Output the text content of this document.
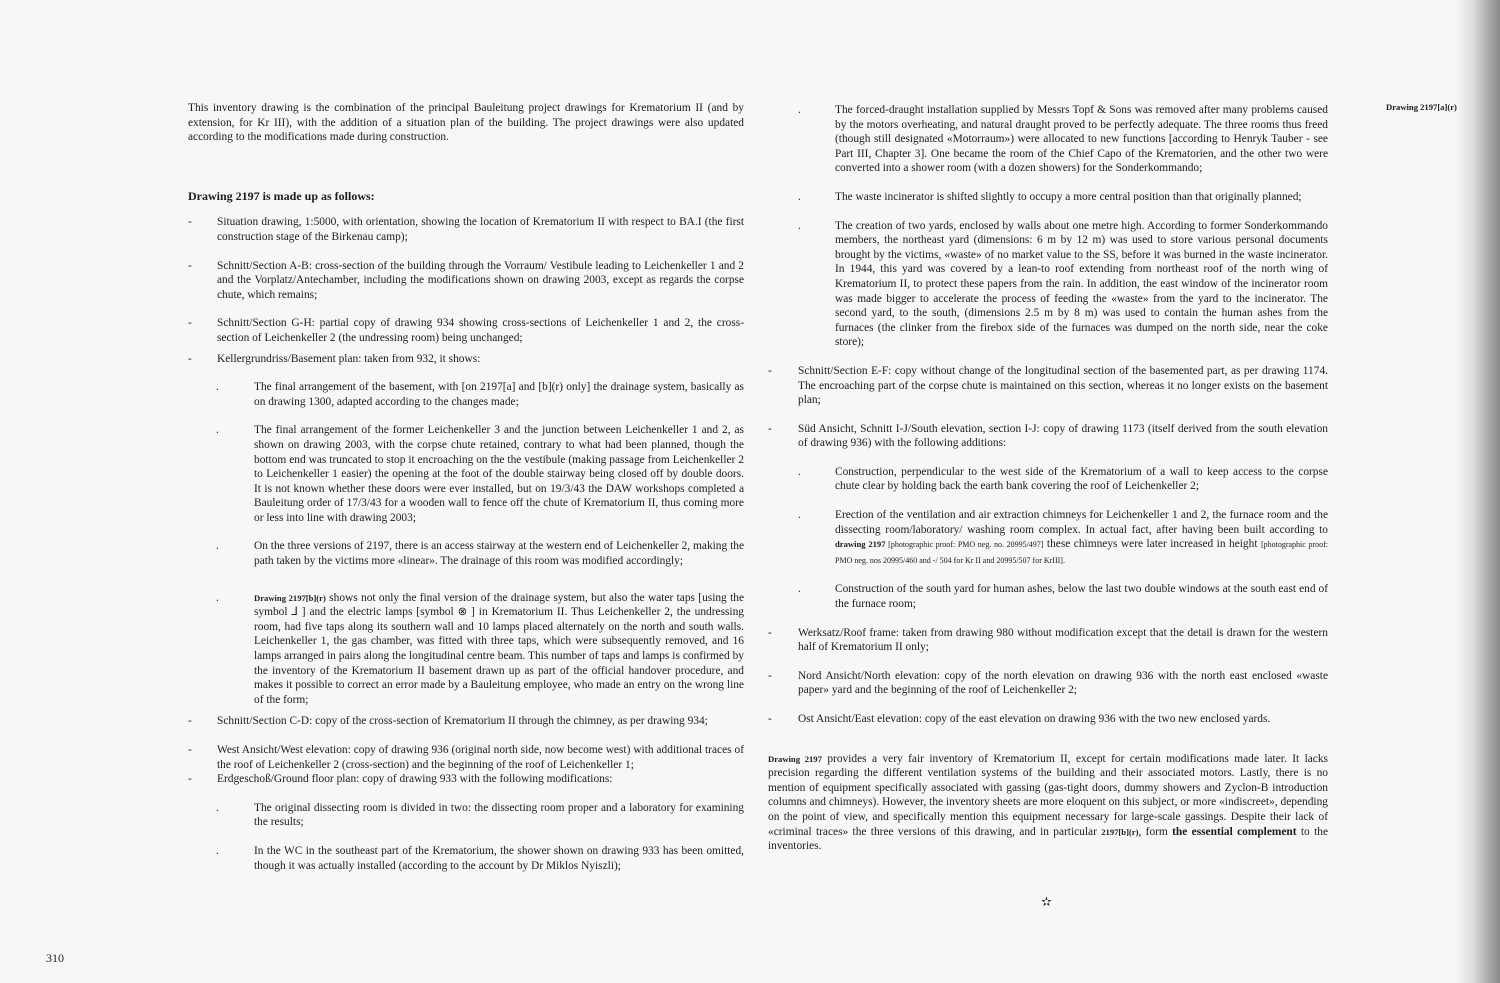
Drawing 2197[a](r)

This inventory drawing is the combination of the principal Bauleitung project drawings for Krematorium II (and by extension, for Kr III), with the addition of a situation plan of the building. The project drawings were also updated according to the modifications made during construction.

Drawing 2197 is made up as follows:

- Situation drawing, 1:5000, with orientation, showing the location of Krematorium II with respect to BA.I (the first construction stage of the Birkenau camp);

- Schnitt/Section A-B: cross-section of the building through the Vorraum/ Vestibule leading to Leichenkeller 1 and 2 and the Vorplatz/Antechamber, including the modifications shown on drawing 2003, except as regards the corpse chute, which remains;

- Schnitt/Section G-H: partial copy of drawing 934 showing cross-sections of Leichenkeller 1 and 2, the cross-section of Leichenkeller 2 (the undressing room) being unchanged;

- Kellergrundriss/Basement plan: taken from 932, it shows:

.	The final arrangement of the basement, with [on 2197[a] and [b](r) only] the drainage system, basically as on drawing 1300, adapted according to the changes made;

.	The final arrangement of the former Leichenkeller 3 and the junction between Leichenkeller 1 and 2, as shown on drawing 2003, with the corpse chute retained, contrary to what had been planned, though the bottom end was truncated to stop it encroaching on the the vestibule (making passage from Leichenkeller 2 to Leichenkeller 1 easier) the opening at the foot of the double stairway being closed off by double doors. It is not known whether these doors were ever installed, but on 19/3/43 the DAW workshops completed a Bauleitung order of 17/3/43 for a wooden wall to fence off the chute of Krematorium II, thus coming more or less into line with drawing 2003;

.	On the three versions of 2197, there is an access stairway at the western end of Leichenkeller 2, making the path taken by the victims more «linear». The drainage of this room was modified accordingly;

.	Drawing 2197[b](r) shows not only the final version of the drainage system, but also the water taps [using the symbol ⅃ ] and the electric lamps [symbol ⊗ ] in Krematorium II. Thus Leichenkeller 2, the undressing room, had five taps along its southern wall and 10 lamps placed alternately on the north and south walls. Leichenkeller 1, the gas chamber, was fitted with three taps, which were subsequently removed, and 16 lamps arranged in pairs along the longitudinal centre beam. This number of taps and lamps is confirmed by the inventory of the Krematorium II basement drawn up as part of the official handover procedure, and makes it possible to correct an error made by a Bauleitung employee, who made an entry on the wrong line of the form;

- Schnitt/Section C-D: copy of the cross-section of Krematorium II through the chimney, as per drawing 934;

- West Ansicht/West elevation: copy of drawing 936 (original north side, now become west) with additional traces of the roof of Leichenkeller 2 (cross-section) and the beginning of the roof of Leichenkeller 1;

- Erdgeschoß/Ground floor plan: copy of drawing 933 with the following modifications:

.	The original dissecting room is divided in two: the dissecting room proper and a laboratory for examining the results;

.	In the WC in the southeast part of the Krematorium, the shower shown on drawing 933 has been omitted, though it was actually installed (according to the account by Dr Miklos Nyiszli);

.	The forced-draught installation supplied by Messrs Topf & Sons was removed after many problems caused by the motors overheating, and natural draught proved to be perfectly adequate. The three rooms thus freed (though still designated «Motorraum») were allocated to new functions [according to Henryk Tauber - see Part III, Chapter 3]. One became the room of the Chief Capo of the Krematorien, and the other two were converted into a shower room (with a dozen showers) for the Sonderkommando;

.	The waste incinerator is shifted slightly to occupy a more central position than that originally planned;

.	The creation of two yards, enclosed by walls about one metre high. According to former Sonderkommando members, the northeast yard (dimensions: 6 m by 12 m) was used to store various personal documents brought by the victims, «waste» of no market value to the SS, before it was burned in the waste incinerator. In 1944, this yard was covered by a lean-to roof extending from northeast roof of the north wing of Krematorium II, to protect these papers from the rain. In addition, the east window of the incinerator room was made bigger to accelerate the process of feeding the «waste» from the yard to the incinerator. The second yard, to the south, (dimensions 2.5 m by 8 m) was used to contain the human ashes from the furnaces (the clinker from the firebox side of the furnaces was dumped on the north side, near the coke store);

- Schnitt/Section E-F: copy without change of the longitudinal section of the basemented part, as per drawing 1174. The encroaching part of the corpse chute is maintained on this section, whereas it no longer exists on the basement plan;

- Süd Ansicht, Schnitt I-J/South elevation, section I-J: copy of drawing 1173 (itself derived from the south elevation of drawing 936) with the following additions:

.	Construction, perpendicular to the west side of the Krematorium of a wall to keep access to the corpse chute clear by holding back the earth bank covering the roof of Leichenkeller 2;

.	Erection of the ventilation and air extraction chimneys for Leichenkeller 1 and 2, the furnace room and the dissecting room/laboratory/ washing room complex. In actual fact, after having been built according to drawing 2197 [photographic proof: PMO neg. no. 20995/497] these chimneys were later increased in height [photographic proof: PMO neg. nos 20995/460 and -/ 504 for Kr II and 20995/507 for KrIII].

.	Construction of the south yard for human ashes, below the last two double windows at the south east end of the furnace room;

- Werksatz/Roof frame: taken from drawing 980 without modification except that the detail is drawn for the western half of Krematorium II only;

- Nord Ansicht/North elevation: copy of the north elevation on drawing 936 with the north east enclosed «waste paper» yard and the beginning of the roof of Leichenkeller 2;

- Ost Ansicht/East elevation: copy of the east elevation on drawing 936 with the two new enclosed yards.

Drawing 2197 provides a very fair inventory of Krematorium II, except for certain modifications made later. It lacks precision regarding the different ventilation systems of the building and their associated motors. Lastly, there is no mention of equipment specifically associated with gassing (gas-tight doors, dummy showers and Zyclon-B introduction columns and chimneys). However, the inventory sheets are more eloquent on this subject, or more «indiscreet», depending on the point of view, and specifically mention this equipment necessary for large-scale gassings. Despite their lack of «criminal traces» the three versions of this drawing, and in particular 2197[b](r), form the essential complement to the inventories.

✫
310
